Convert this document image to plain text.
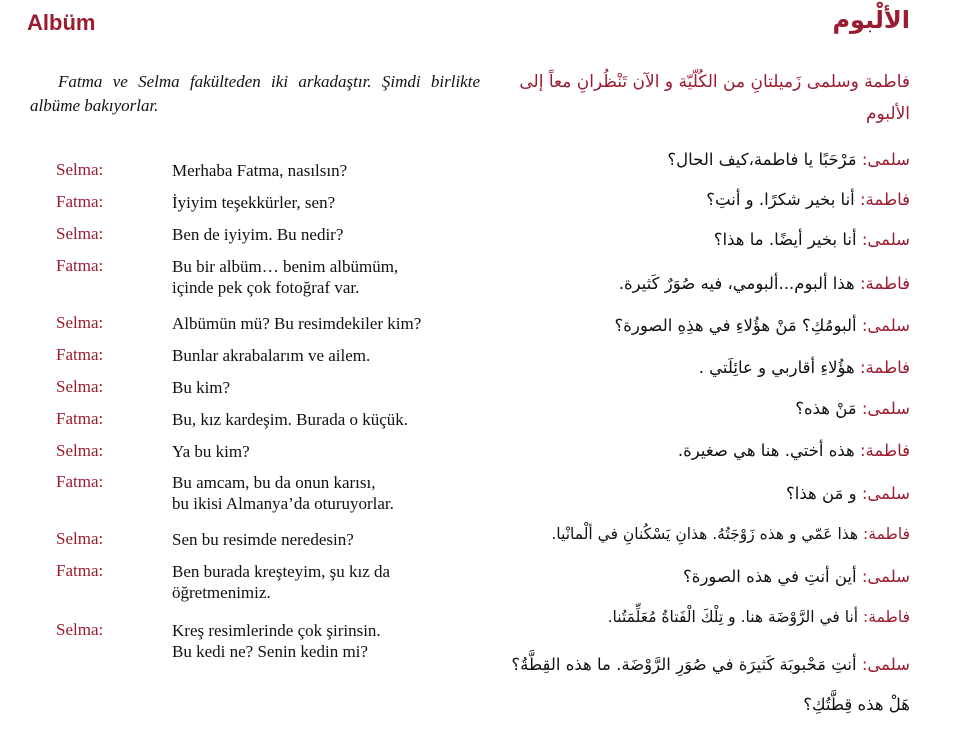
Albüm	الألْبوم
Fatma ve Selma fakülteden iki arkadaştır. Şimdi birlikte albüme bakıyorlar.
فاطمة وسلمى زَميلتانِ من الكُلّيّة و الآن تَنْظُرانِ معاً إلى الألبوم
Selma:	Merhaba Fatma, nasılsın?
Fatma:	İyiyim teşekkürler, sen?
Selma:	Ben de iyiyim. Bu nedir?
Fatma:	Bu bir albüm… benim albümüm,
içinde pek çok fotoğraf var.
Selma:	Albümün mü? Bu resimdekiler kim?
Fatma:	Bunlar akrabalarım ve ailem.
Selma:	Bu kim?
Fatma:	Bu, kız kardeşim. Burada o küçük.
Selma:	Ya bu kim?
Fatma:	Bu amcam, bu da onun karısı,
bu ikisi Almanya’da oturuyorlar.
Selma:	Sen bu resimde neredesin?
Fatma:	Ben burada kreşteyim, şu kız da
öğretmenimiz.
Selma:	Kreş resimlerinde çok şirinsin.
Bu kedi ne? Senin kedin mi?
سلمى: مَرْحَبًا يا فاطمة،كيف الحال؟
فاطمة: أنا بخير شكرًا. و أنتِ؟
سلمى: أنا بخير أيضًا. ما هذا؟
فاطمة: هذا ألبوم...ألبومي، فيه صُوَرٌ كَثيرة.
سلمى: ألبومُكِ؟ مَنْ هؤُلاءِ في هذِهِ الصورة؟
فاطمة: هؤُلاءِ أقاربي و عائِلَتي .
سلمى: مَنْ هذه؟
فاطمة: هذه أختي. هنا هي صغيرة.
سلمى: و مَن هذا؟
فاطمة: هذا عَمّي و هذه زَوْجَتُهُ. هذانِ يَسْكُنانِ في ألْمانْيا.
سلمى: أين أنتِ في هذه الصورة؟
فاطمة: أنا في الرَّوْضَة هنا. و تِلْكَ الْفَتاةُ مُعَلِّمَتُنا.
سلمى: أنتِ مَحْبوبَة كَثيرَة في صُوَرِ الرَّوْضَة. ما هذه القِطَّةُ؟ هَلْ هذه قِطَّتُكِ؟
